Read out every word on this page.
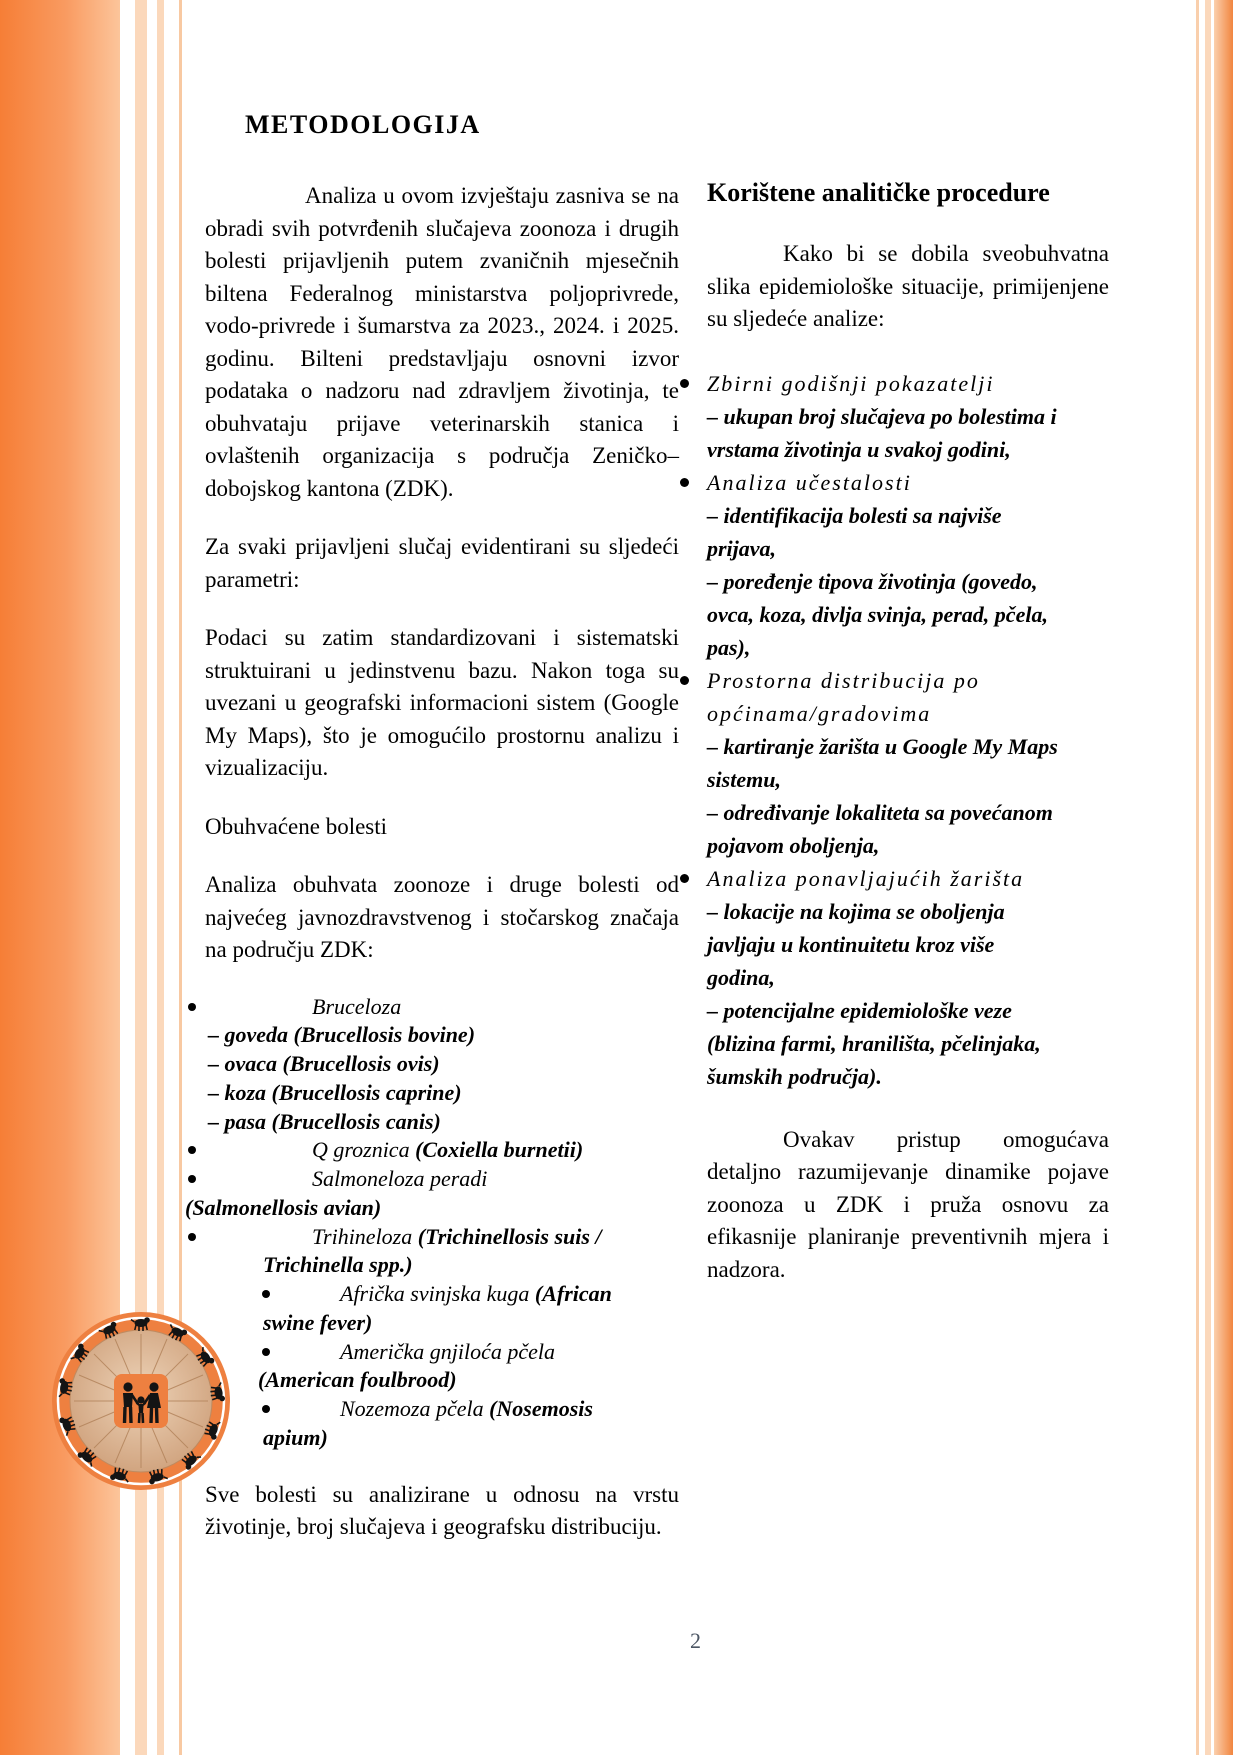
METODOLOGIJA

Analiza u ovom izvještaju zasniva se na obradi svih potvrđenih slučajeva zoonoza i drugih bolesti prijavljenih putem zvaničnih mjesečnih biltena Federalnog ministarstva poljoprivrede, vodo-privrede i šumarstva za 2023., 2024. i 2025. godinu. Bilteni predstavljaju osnovni izvor podataka o nadzoru nad zdravljem životinja, te obuhvataju prijave veterinarskih stanica i ovlaštenih organizacija s područja Zeničko–dobojskog kantona (ZDK).

Za svaki prijavljeni slučaj evidentirani su sljedeći parametri:

Podaci su zatim standardizovani i sistematski struktuirani u jedinstvenu bazu. Nakon toga su uvezani u geografski informacioni sistem (Google My Maps), što je omogućilo prostornu analizu i vizualizaciju.

Obuhvaćene bolesti

Analiza obuhvata zoonoze i druge bolesti od najvećeg javnozdravstvenog i stočarskog značaja na području ZDK:

Bruceloza
– goveda (Brucellosis bovine)
– ovaca (Brucellosis ovis)
– koza (Brucellosis caprine)
– pasa (Brucellosis canis)
Q groznica (Coxiella burnetii)
Salmoneloza peradi
(Salmonellosis avian)
Trihineloza (Trichinellosis suis /
Trichinella spp.)
Afrička svinjska kuga (African
swine fever)
Američka gnjiloća pčela
(American foulbrood)
Nozemoza pčela (Nosemosis
apium)

Sve bolesti su analizirane u odnosu na vrstu životinje, broj slučajeva i geografsku distribuciju.

Korištene analitičke procedure

Kako bi se dobila sveobuhvatna slika epidemiološke situacije, primijenjene su sljedeće analize:

Zbirni godišnji pokazatelji
– ukupan broj slučajeva po bolestima i
vrstama životinja u svakoj godini,
Analiza učestalosti
– identifikacija bolesti sa najviše
prijava,
– poređenje tipova životinja (govedo,
ovca, koza, divlja svinja, perad, pčela,
pas),
Prostorna distribucija po
općinama/gradovima
– kartiranje žarišta u Google My Maps
sistemu,
– određivanje lokaliteta sa povećanom
pojavom oboljenja,
Analiza ponavljajućih žarišta
– lokacije na kojima se oboljenja
javljaju u kontinuitetu kroz više
godina,
– potencijalne epidemiološke veze
(blizina farmi, hranilišta, pčelinjaka,
šumskih područja).

Ovakav pristup omogućava detaljno razumijevanje dinamike pojave zoonoza u ZDK i pruža osnovu za efikasnije planiranje preventivnih mjera i nadzora.

2
